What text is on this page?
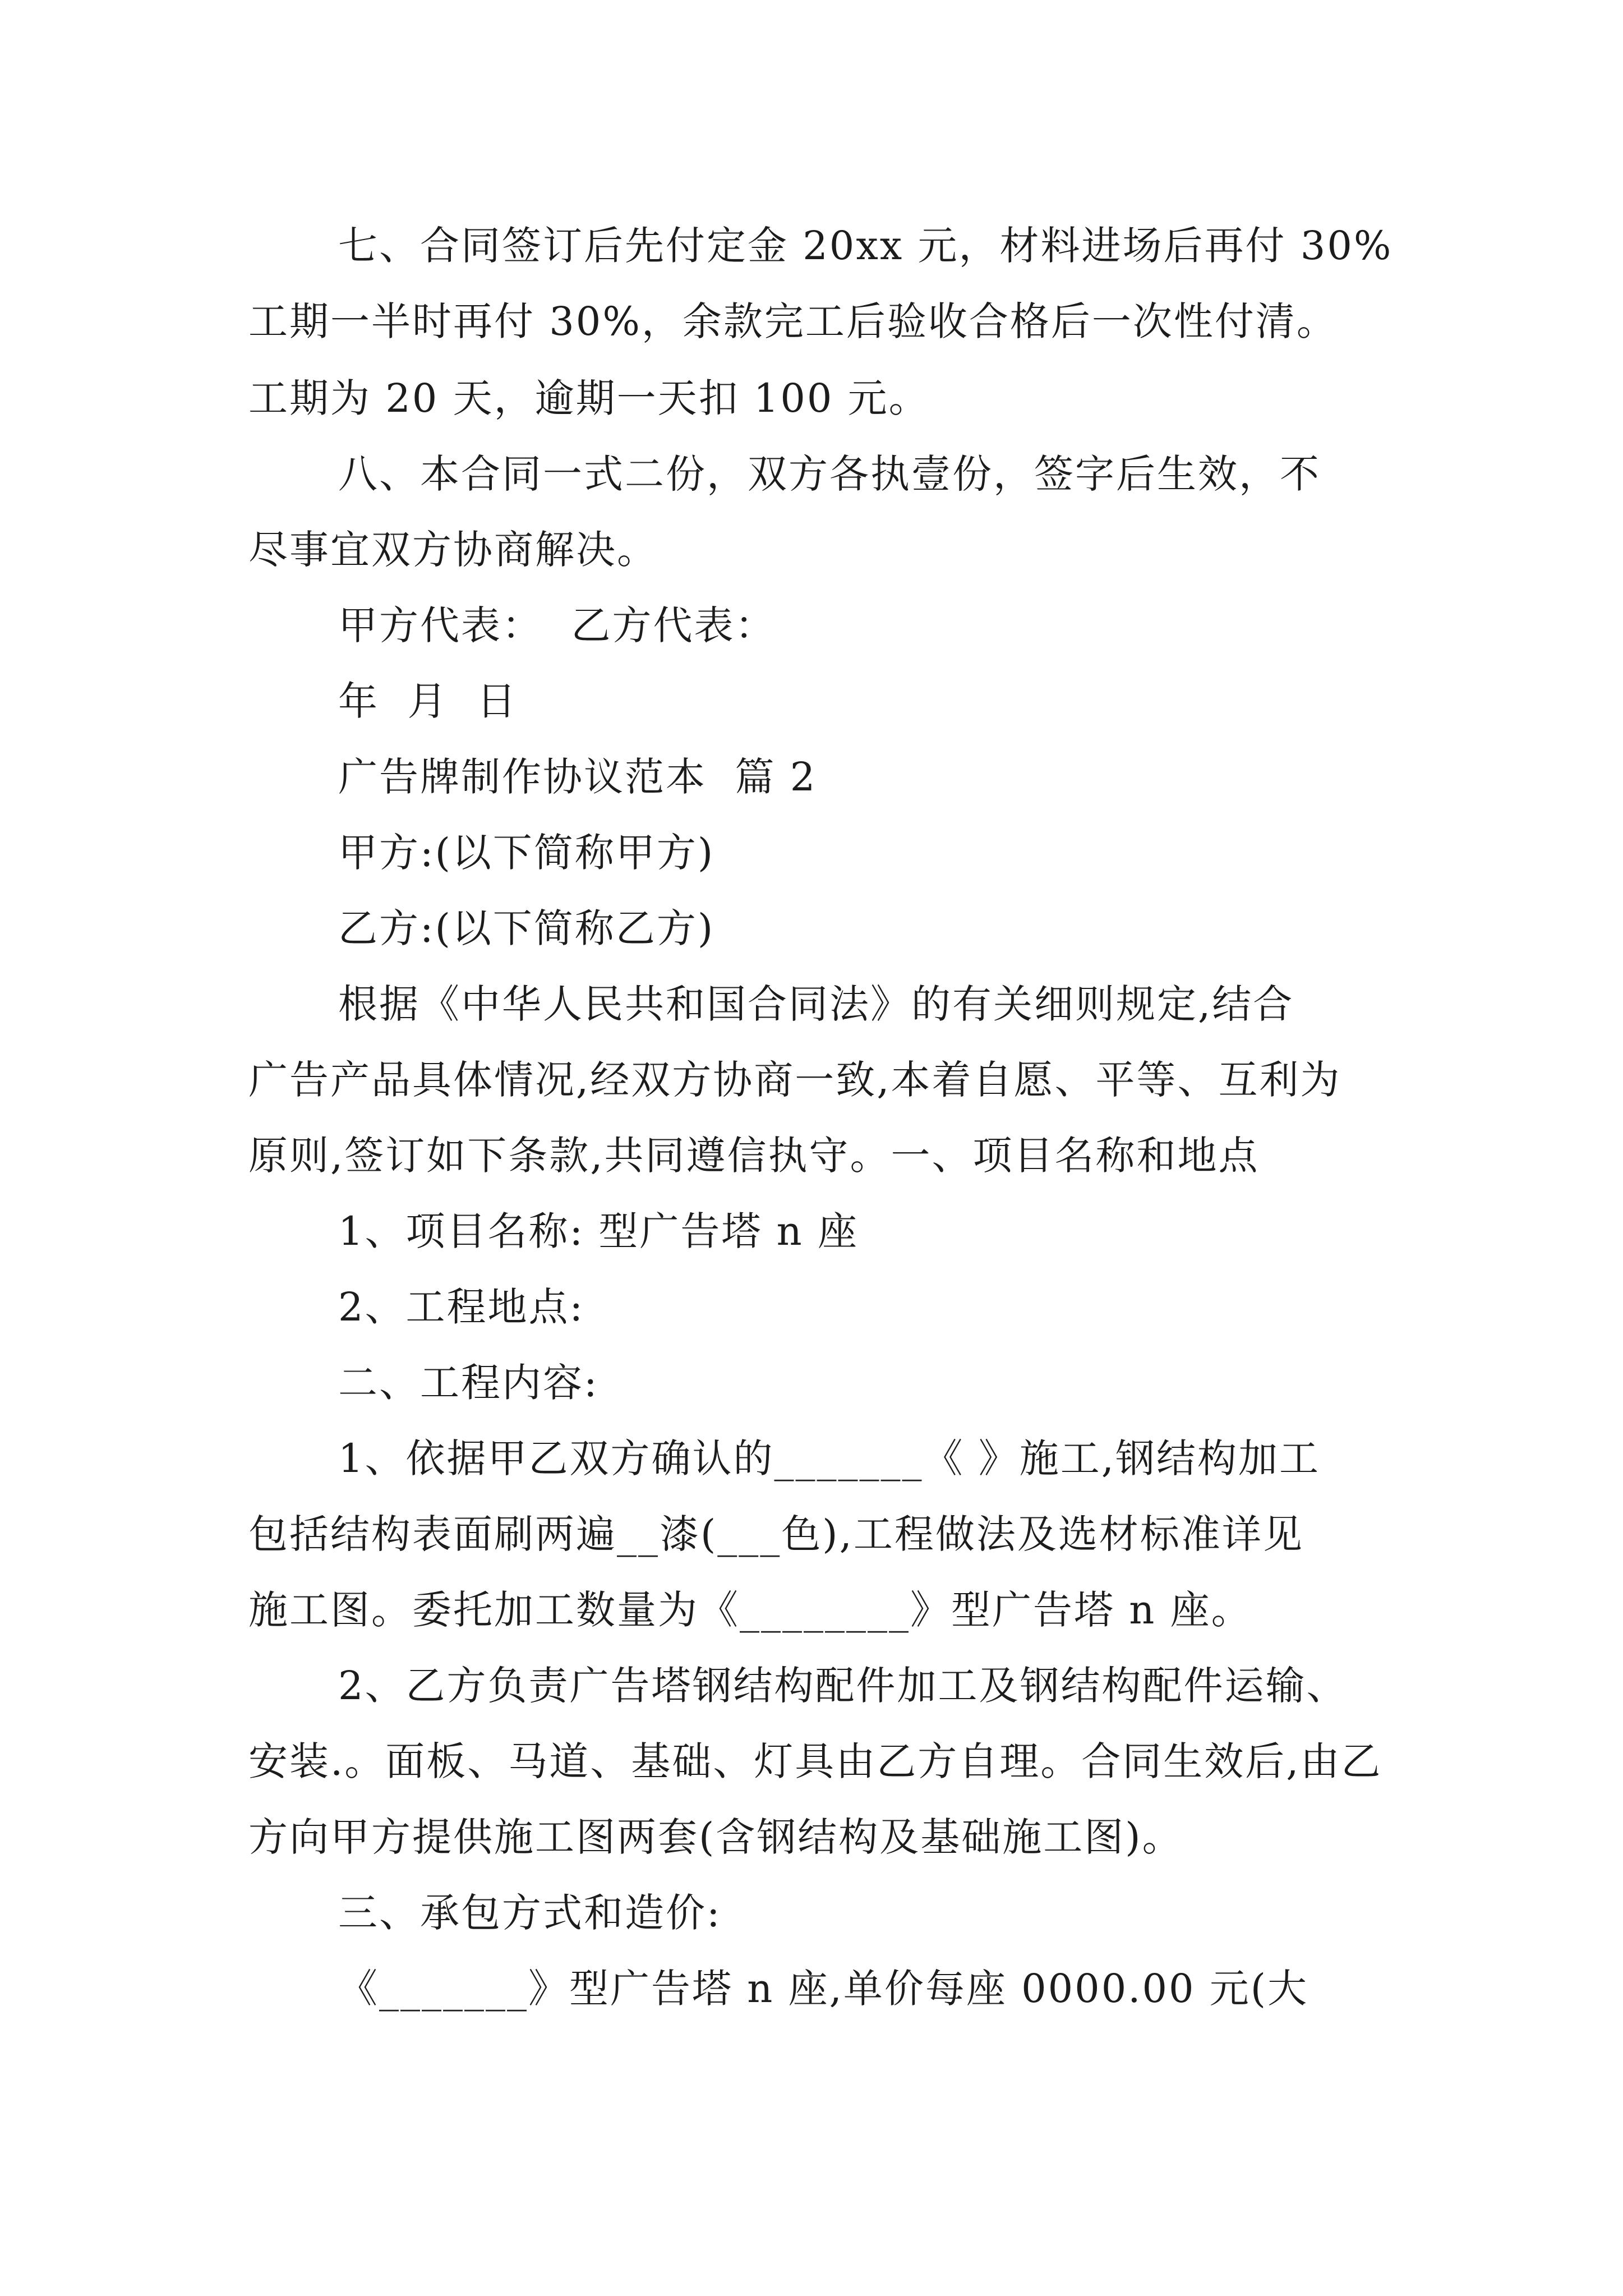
七、合同签订后先付定金 20xx 元，材料进场后再付 30%
工期一半时再付 30%，余款完工后验收合格后一次性付清。
工期为 20 天，逾期一天扣 100 元。
八、本合同一式二份，双方各执壹份，签字后生效，不
尽事宜双方协商解决。
甲方代表：  乙方代表：
年  月  日
广告牌制作协议范本  篇 2
甲方:(以下简称甲方)
乙方:(以下简称乙方)
根据《中华人民共和国合同法》的有关细则规定,结合
广告产品具体情况,经双方协商一致,本着自愿、平等、互利为
原则,签订如下条款,共同遵信执守。一、项目名称和地点
1、项目名称: 型广告塔 n 座
2、工程地点:
二、工程内容:
1、依据甲乙双方确认的_______《 》施工,钢结构加工
包括结构表面刷两遍__漆(___色),工程做法及选材标准详见
施工图。委托加工数量为《________》型广告塔 n 座。
2、乙方负责广告塔钢结构配件加工及钢结构配件运输、
安装.。面板、马道、基础、灯具由乙方自理。合同生效后,由乙
方向甲方提供施工图两套(含钢结构及基础施工图)。
三、承包方式和造价:
《_______》型广告塔 n 座,单价每座 0000.00 元(大
